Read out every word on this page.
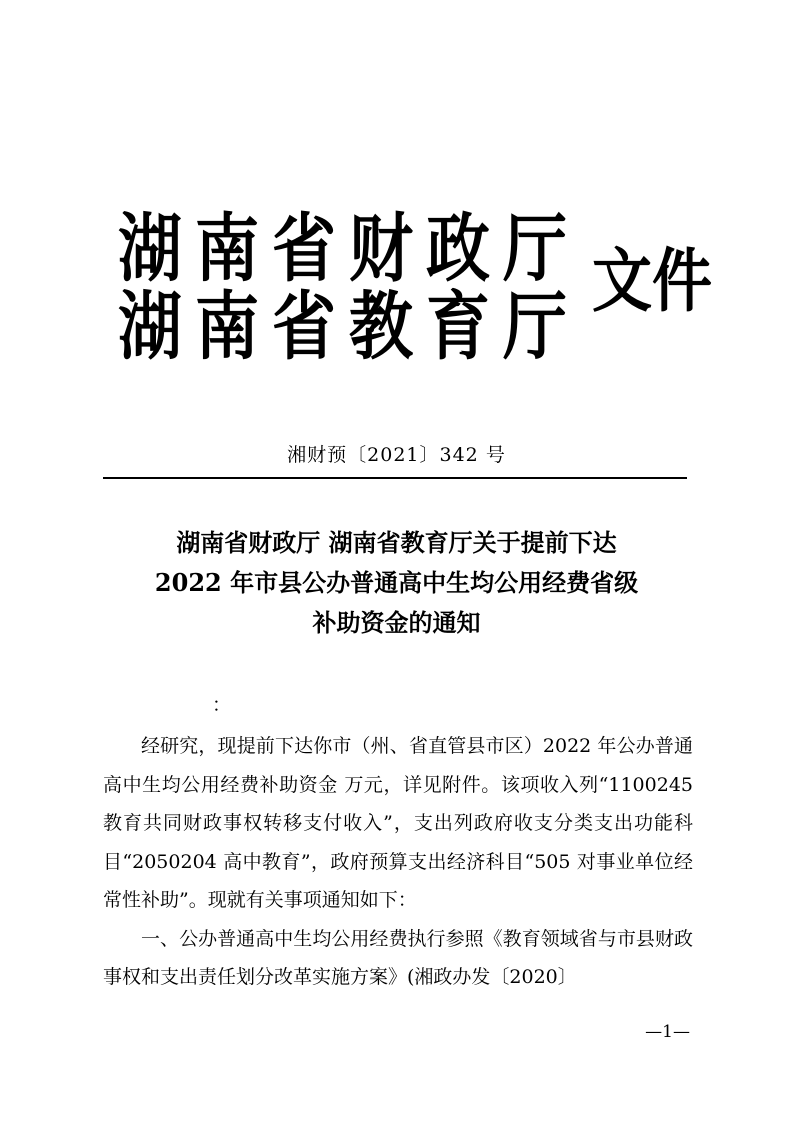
湖南省财政厅
湖南省教育厅
文件
湘财预〔2021〕342 号
湖南省财政厅 湖南省教育厅关于提前下达
2022 年市县公办普通高中生均公用经费省级
补助资金的通知
：

经研究，现提前下达你市（州、省直管县市区）2022 年公办普通高中生均公用经费补助资金 万元，详见附件。该项收入列“1100245 教育共同财政事权转移支付收入”，支出列政府收支分类支出功能科目“2050204 高中教育”，政府预算支出经济科目“505 对事业单位经常性补助”。现就有关事项通知如下：

一、公办普通高中生均公用经费执行参照《教育领域省与市县财政事权和支出责任划分改革实施方案》(湘政办发〔2020〕

—1—
